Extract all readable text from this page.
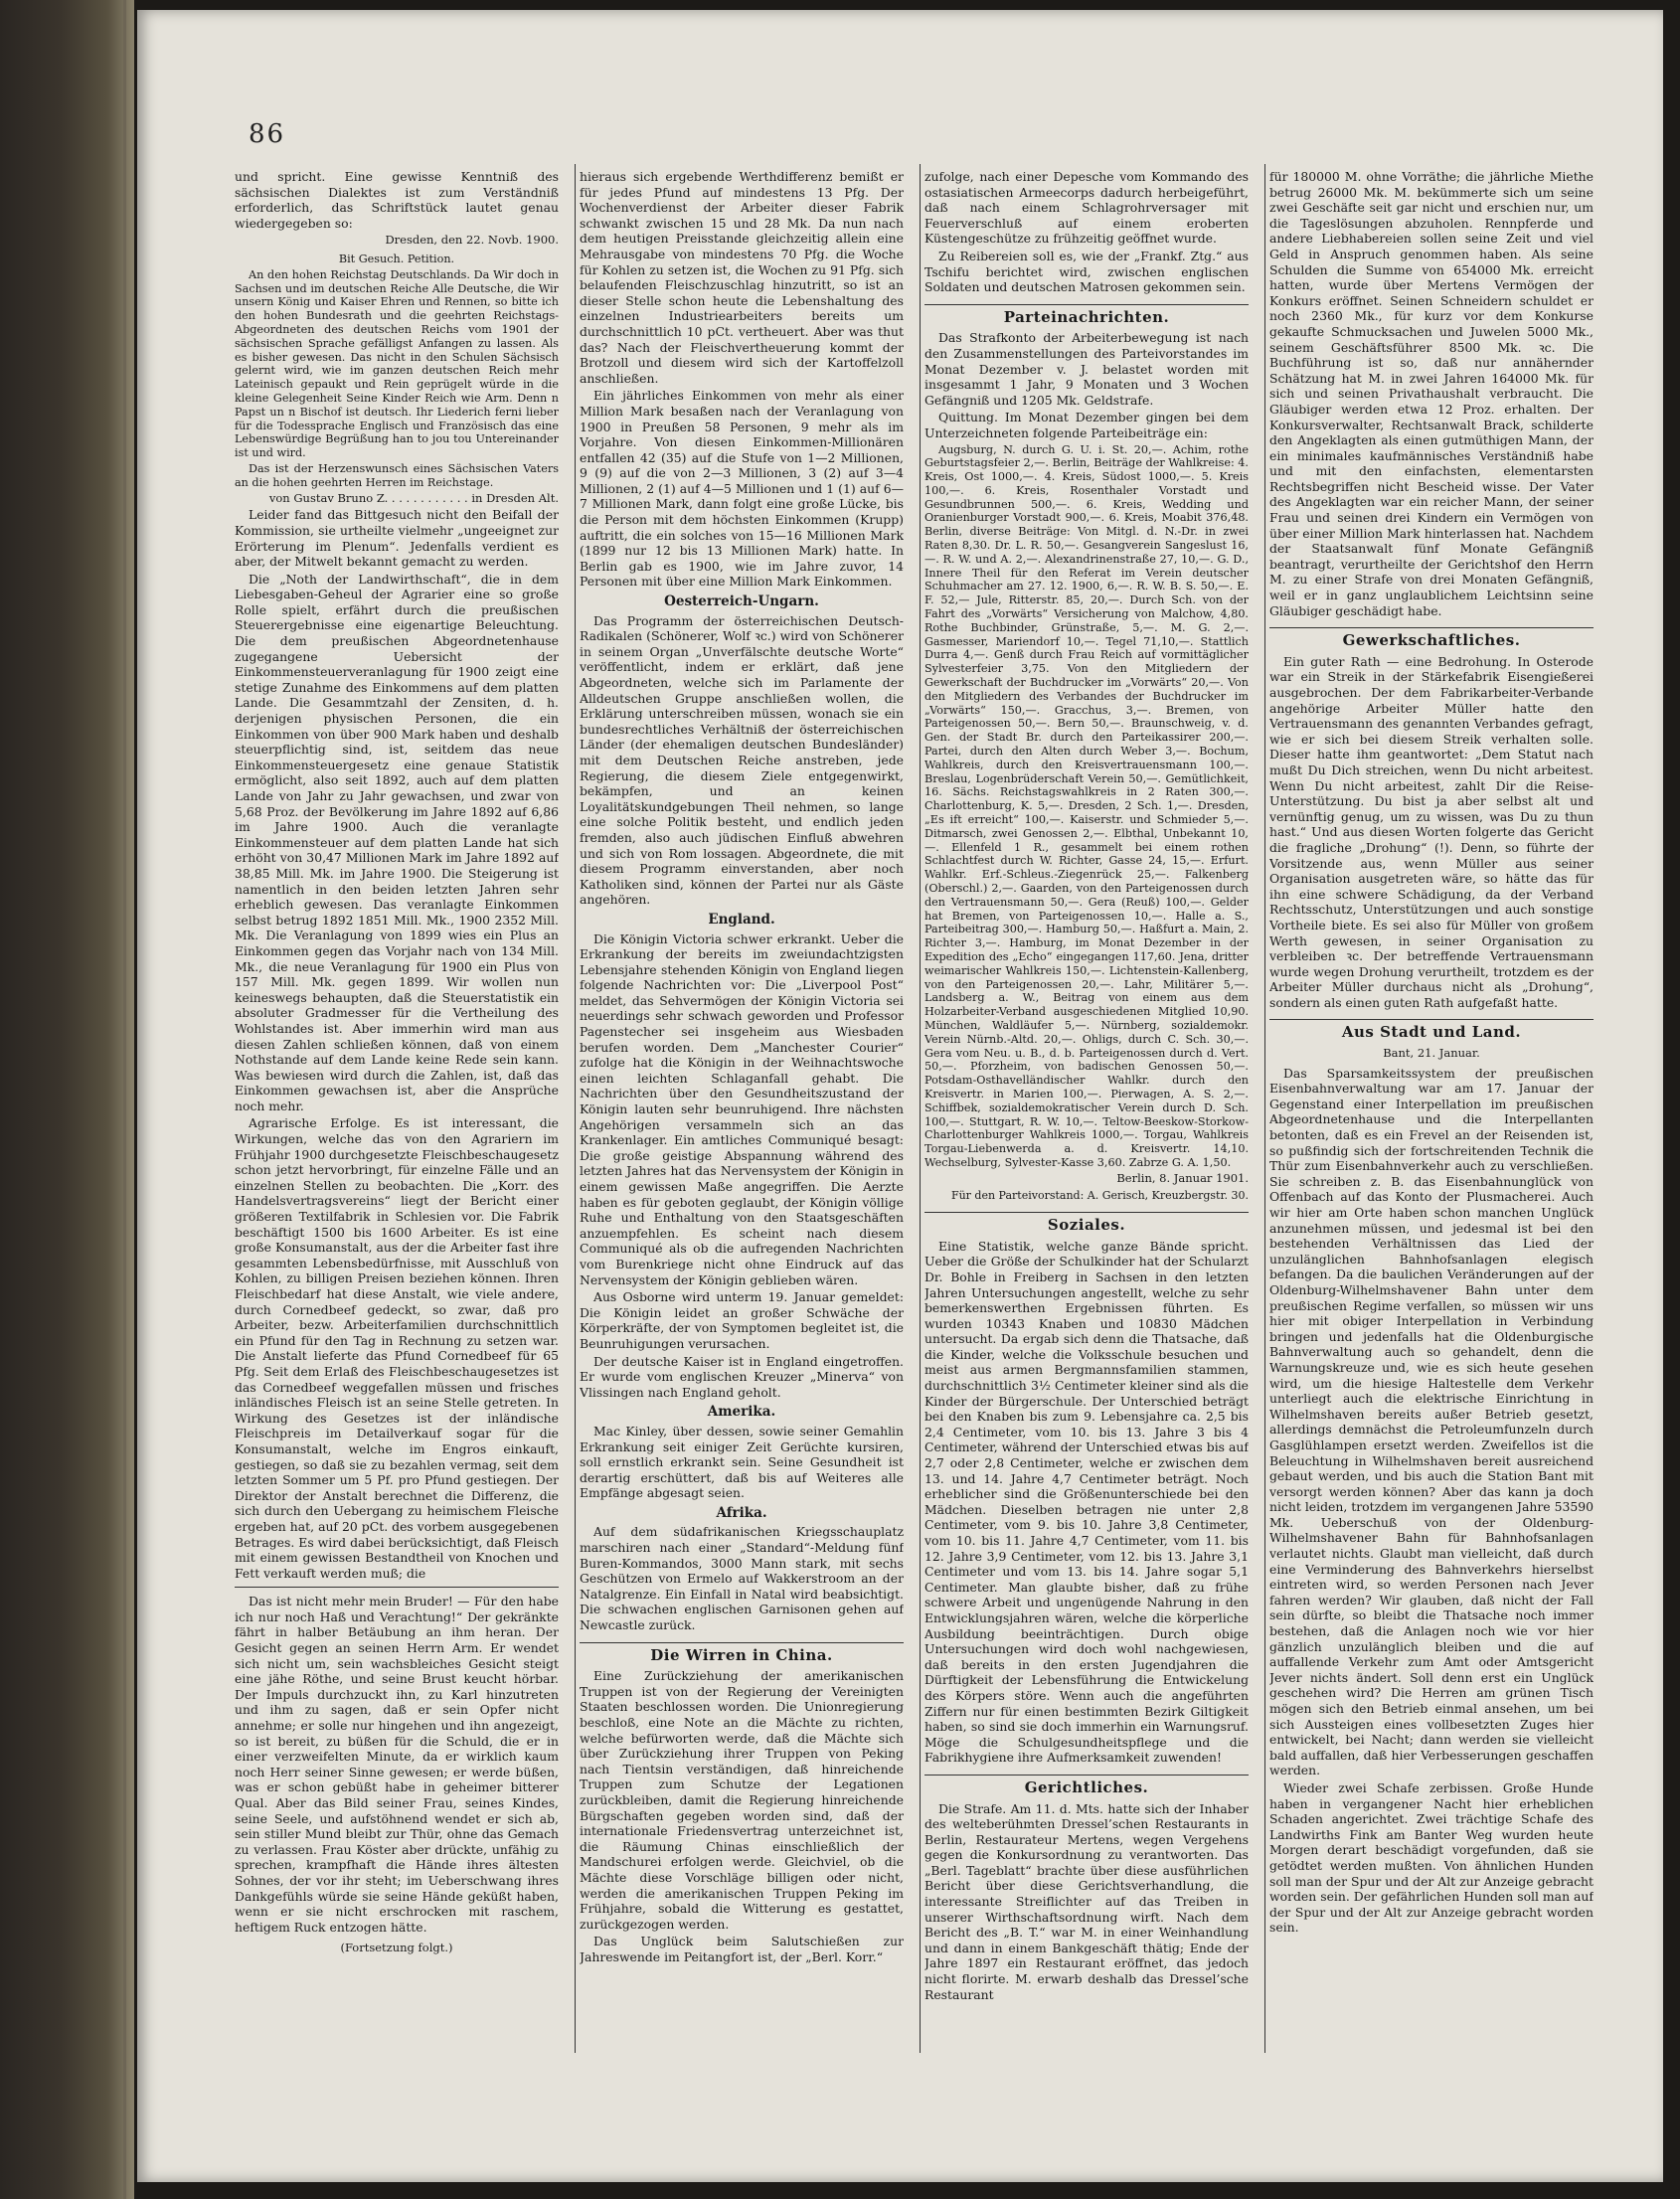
86

und spricht. Eine gewisse Kenntniß des sächsischen Dialektes ist zum Verständniß erforderlich, das Schriftstück lautet genau wiedergegeben so:

Dresden, den 22. Novb. 1900.

Bit Gesuch. Petition.

An den hohen Reichstag Deutschlands. Da Wir doch in Sachsen und im deutschen Reiche Alle Deutsche, die Wir unsern König und Kaiser Ehren und Rennen, so bitte ich den hohen Bundesrath und die geehrten Reichstags-Abgeordneten des deutschen Reichs vom 1901 der sächsischen Sprache gefälligst Anfangen zu lassen. Als es bisher gewesen. Das nicht in den Schulen Sächsisch gelernt wird, wie im ganzen deutschen Reich mehr Lateinisch gepaukt und Rein geprügelt würde in die kleine Gelegenheit Seine Kinder Reich wie Arm. Denn n Papst un n Bischof ist deutsch. Ihr Liederich ferni lieber für die Todessprache Englisch und Französisch das eine Lebenswürdige Begrüßung han to jou tou Untereinander ist und wird.

Das ist der Herzenswunsch eines Sächsischen Vaters an die hohen geehrten Herren im Reichstage.

von Gustav Bruno Z. . . . . . . . . . . . in Dresden Alt.

Leider fand das Bittgesuch nicht den Beifall der Kommission, sie urtheilte vielmehr „ungeeignet zur Erörterung im Plenum“. Jedenfalls verdient es aber, der Mitwelt bekannt gemacht zu werden.

Die „Noth der Landwirthschaft“, die in dem Liebesgaben-Geheul der Agrarier eine so große Rolle spielt, erfährt durch die preußischen Steuerergebnisse eine eigenartige Beleuchtung. Die dem preußischen Abgeordnetenhause zugegangene Uebersicht der Einkommensteuerveranlagung für 1900 zeigt eine stetige Zunahme des Einkommens auf dem platten Lande. Die Gesammtzahl der Zensiten, d. h. derjenigen physischen Personen, die ein Einkommen von über 900 Mark haben und deshalb steuerpflichtig sind, ist, seitdem das neue Einkommensteuergesetz eine genaue Statistik ermöglicht, also seit 1892, auch auf dem platten Lande von Jahr zu Jahr gewachsen, und zwar von 5,68 Proz. der Bevölkerung im Jahre 1892 auf 6,86 im Jahre 1900. Auch die veranlagte Einkommensteuer auf dem platten Lande hat sich erhöht von 30,47 Millionen Mark im Jahre 1892 auf 38,85 Mill. Mk. im Jahre 1900. Die Steigerung ist namentlich in den beiden letzten Jahren sehr erheblich gewesen. Das veranlagte Einkommen selbst betrug 1892 1851 Mill. Mk., 1900 2352 Mill. Mk. Die Veranlagung von 1899 wies ein Plus an Einkommen gegen das Vorjahr nach von 134 Mill. Mk., die neue Veranlagung für 1900 ein Plus von 157 Mill. Mk. gegen 1899. Wir wollen nun keineswegs behaupten, daß die Steuerstatistik ein absoluter Gradmesser für die Vertheilung des Wohlstandes ist. Aber immerhin wird man aus diesen Zahlen schließen können, daß von einem Nothstande auf dem Lande keine Rede sein kann. Was bewiesen wird durch die Zahlen, ist, daß das Einkommen gewachsen ist, aber die Ansprüche noch mehr.

Agrarische Erfolge. Es ist interessant, die Wirkungen, welche das von den Agrariern im Frühjahr 1900 durchgesetzte Fleischbeschaugesetz schon jetzt hervorbringt, für einzelne Fälle und an einzelnen Stellen zu beobachten. Die „Korr. des Handelsvertragsvereins“ liegt der Bericht einer größeren Textilfabrik in Schlesien vor. Die Fabrik beschäftigt 1500 bis 1600 Arbeiter. Es ist eine große Konsumanstalt, aus der die Arbeiter fast ihre gesammten Lebensbedürfnisse, mit Ausschluß von Kohlen, zu billigen Preisen beziehen können. Ihren Fleischbedarf hat diese Anstalt, wie viele andere, durch Cornedbeef gedeckt, so zwar, daß pro Arbeiter, bezw. Arbeiterfamilien durchschnittlich ein Pfund für den Tag in Rechnung zu setzen war. Die Anstalt lieferte das Pfund Cornedbeef für 65 Pfg. Seit dem Erlaß des Fleischbeschaugesetzes ist das Cornedbeef weggefallen müssen und frisches inländisches Fleisch ist an seine Stelle getreten. In Wirkung des Gesetzes ist der inländische Fleischpreis im Detailverkauf sogar für die Konsumanstalt, welche im Engros einkauft, gestiegen, so daß sie zu bezahlen vermag, seit dem letzten Sommer um 5 Pf. pro Pfund gestiegen. Der Direktor der Anstalt berechnet die Differenz, die sich durch den Uebergang zu heimischem Fleische ergeben hat, auf 20 pCt. des vorbem ausgegebenen Betrages. Es wird dabei berücksichtigt, daß Fleisch mit einem gewissen Bestandtheil von Knochen und Fett verkauft werden muß; die

Das ist nicht mehr mein Bruder! — Für den habe ich nur noch Haß und Verachtung!“ Der gekränkte fährt in halber Betäubung an ihm heran. Der Gesicht gegen an seinen Herrn Arm. Er wendet sich nicht um, sein wachsbleiches Gesicht steigt eine jähe Röthe, und seine Brust keucht hörbar. Der Impuls durchzuckt ihn, zu Karl hinzutreten und ihm zu sagen, daß er sein Opfer nicht annehme; er solle nur hingehen und ihn angezeigt, so ist bereit, zu büßen für die Schuld, die er in einer verzweifelten Minute, da er wirklich kaum noch Herr seiner Sinne gewesen; er werde büßen, was er schon gebüßt habe in geheimer bitterer Qual. Aber das Bild seiner Frau, seines Kindes, seine Seele, und aufstöhnend wendet er sich ab, sein stiller Mund bleibt zur Thür, ohne das Gemach zu verlassen. Frau Köster aber drückte, unfähig zu sprechen, krampfhaft die Hände ihres ältesten Sohnes, der vor ihr steht; im Ueberschwang ihres Dankgefühls würde sie seine Hände geküßt haben, wenn er sie nicht erschrocken mit raschem, heftigem Ruck entzogen hätte.

(Fortsetzung folgt.)

hieraus sich ergebende Werthdifferenz bemißt er für jedes Pfund auf mindestens 13 Pfg. Der Wochenverdienst der Arbeiter dieser Fabrik schwankt zwischen 15 und 28 Mk. Da nun nach dem heutigen Preisstande gleichzeitig allein eine Mehrausgabe von mindestens 70 Pfg. die Woche für Kohlen zu setzen ist, die Wochen zu 91 Pfg. sich belaufenden Fleischzuschlag hinzutritt, so ist an dieser Stelle schon heute die Lebenshaltung des einzelnen Industriearbeiters bereits um durchschnittlich 10 pCt. vertheuert. Aber was thut das? Nach der Fleischvertheuerung kommt der Brotzoll und diesem wird sich der Kartoffelzoll anschließen.

Ein jährliches Einkommen von mehr als einer Million Mark besaßen nach der Veranlagung von 1900 in Preußen 58 Personen, 9 mehr als im Vorjahre. Von diesen Einkommen-Millionären entfallen 42 (35) auf die Stufe von 1—2 Millionen, 9 (9) auf die von 2—3 Millionen, 3 (2) auf 3—4 Millionen, 2 (1) auf 4—5 Millionen und 1 (1) auf 6—7 Millionen Mark, dann folgt eine große Lücke, bis die Person mit dem höchsten Einkommen (Krupp) auftritt, die ein solches von 15—16 Millionen Mark (1899 nur 12 bis 13 Millionen Mark) hatte. In Berlin gab es 1900, wie im Jahre zuvor, 14 Personen mit über eine Million Mark Einkommen.

Oesterreich-Ungarn.

Das Programm der österreichischen Deutsch-Radikalen (Schönerer, Wolf ꝛc.) wird von Schönerer in seinem Organ „Unverfälschte deutsche Worte“ veröffentlicht, indem er erklärt, daß jene Abgeordneten, welche sich im Parlamente der Alldeutschen Gruppe anschließen wollen, die Erklärung unterschreiben müssen, wonach sie ein bundesrechtliches Verhältniß der österreichischen Länder (der ehemaligen deutschen Bundesländer) mit dem Deutschen Reiche anstreben, jede Regierung, die diesem Ziele entgegenwirkt, bekämpfen, und an keinen Loyalitätskundgebungen Theil nehmen, so lange eine solche Politik besteht, und endlich jeden fremden, also auch jüdischen Einfluß abwehren und sich von Rom lossagen. Abgeordnete, die mit diesem Programm einverstanden, aber noch Katholiken sind, können der Partei nur als Gäste angehören.

England.

Die Königin Victoria schwer erkrankt. Ueber die Erkrankung der bereits im zweiundachtzigsten Lebensjahre stehenden Königin von England liegen folgende Nachrichten vor: Die „Liverpool Post“ meldet, das Sehvermögen der Königin Victoria sei neuerdings sehr schwach geworden und Professor Pagenstecher sei insgeheim aus Wiesbaden berufen worden. Dem „Manchester Courier“ zufolge hat die Königin in der Weihnachtswoche einen leichten Schlaganfall gehabt. Die Nachrichten über den Gesundheitszustand der Königin lauten sehr beunruhigend. Ihre nächsten Angehörigen versammeln sich an das Krankenlager. Ein amtliches Communiqué besagt: Die große geistige Abspannung während des letzten Jahres hat das Nervensystem der Königin in einem gewissen Maße angegriffen. Die Aerzte haben es für geboten geglaubt, der Königin völlige Ruhe und Enthaltung von den Staatsgeschäften anzuempfehlen. Es scheint nach diesem Communiqué als ob die aufregenden Nachrichten vom Burenkriege nicht ohne Eindruck auf das Nervensystem der Königin geblieben wären.

Aus Osborne wird unterm 19. Januar gemeldet: Die Königin leidet an großer Schwäche der Körperkräfte, der von Symptomen begleitet ist, die Beunruhigungen verursachen.

Der deutsche Kaiser ist in England eingetroffen. Er wurde vom englischen Kreuzer „Minerva“ von Vlissingen nach England geholt.

Amerika.

Mac Kinley, über dessen, sowie seiner Gemahlin Erkrankung seit einiger Zeit Gerüchte kursiren, soll ernstlich erkrankt sein. Seine Gesundheit ist derartig erschüttert, daß bis auf Weiteres alle Empfänge abgesagt seien.

Afrika.

Auf dem südafrikanischen Kriegsschauplatz marschiren nach einer „Standard“-Meldung fünf Buren-Kommandos, 3000 Mann stark, mit sechs Geschützen von Ermelo auf Wakkerstroom an der Natalgrenze. Ein Einfall in Natal wird beabsichtigt. Die schwachen englischen Garnisonen gehen auf Newcastle zurück.

Die Wirren in China.

Eine Zurückziehung der amerikanischen Truppen ist von der Regierung der Vereinigten Staaten beschlossen worden. Die Unionregierung beschloß, eine Note an die Mächte zu richten, welche befürworten werde, daß die Mächte sich über Zurückziehung ihrer Truppen von Peking nach Tientsin verständigen, daß hinreichende Truppen zum Schutze der Legationen zurückbleiben, damit die Regierung hinreichende Bürgschaften gegeben worden sind, daß der internationale Friedensvertrag unterzeichnet ist, die Räumung Chinas einschließlich der Mandschurei erfolgen werde. Gleichviel, ob die Mächte diese Vorschläge billigen oder nicht, werden die amerikanischen Truppen Peking im Frühjahre, sobald die Witterung es gestattet, zurückgezogen werden.

Das Unglück beim Salutschießen zur Jahreswende im Peitangfort ist, der „Berl. Korr.“

zufolge, nach einer Depesche vom Kommando des ostasiatischen Armeecorps dadurch herbeigeführt, daß nach einem Schlagrohrversager mit Feuerverschluß auf einem eroberten Küstengeschütze zu frühzeitig geöffnet wurde.

Zu Reibereien soll es, wie der „Frankf. Ztg.“ aus Tschifu berichtet wird, zwischen englischen Soldaten und deutschen Matrosen gekommen sein.

Parteinachrichten.

Das Strafkonto der Arbeiterbewegung ist nach den Zusammenstellungen des Parteivorstandes im Monat Dezember v. J. belastet worden mit insgesammt 1 Jahr, 9 Monaten und 3 Wochen Gefängniß und 1205 Mk. Geldstrafe.

Quittung. Im Monat Dezember gingen bei dem Unterzeichneten folgende Parteibeiträge ein:

Augsburg, N. durch G. U. i. St. 20,—. Achim, rothe Geburtstagsfeier 2,—. Berlin, Beiträge der Wahlkreise: 4. Kreis, Ost 1000,—. 4. Kreis, Südost 1000,—. 5. Kreis 100,—. 6. Kreis, Rosenthaler Vorstadt und Gesundbrunnen 500,—. 6. Kreis, Wedding und Oranienburger Vorstadt 900,—. 6. Kreis, Moabit 376,48. Berlin, diverse Beiträge: Von Mitgl. d. N.-Dr. in zwei Raten 8,30. Dr. L. R. 50,—. Gesangverein Sangeslust 16,—. R. W. und A. 2,—. Alexandrinenstraße 27, 10,—. G. D., Innere Theil für den Referat im Verein deutscher Schuhmacher am 27. 12. 1900, 6,—. R. W. B. S. 50,—. E. F. 52,— Jule, Ritterstr. 85, 20,—. Durch Sch. von der Fahrt des „Vorwärts“ Versicherung von Malchow, 4,80. Rothe Buchbinder, Grünstraße, 5,—. M. G. 2,—. Gasmesser, Mariendorf 10,—. Tegel 71,10,—. Stattlich Durra 4,—. Genß durch Frau Reich auf vormittäglicher Sylvesterfeier 3,75. Von den Mitgliedern der Gewerkschaft der Buchdrucker im „Vorwärts“ 20,—. Von den Mitgliedern des Verbandes der Buchdrucker im „Vorwärts“ 150,—. Gracchus, 3,—. Bremen, von Parteigenossen 50,—. Bern 50,—. Braunschweig, v. d. Gen. der Stadt Br. durch den Parteikassirer 200,—. Partei, durch den Alten durch Weber 3,—. Bochum, Wahlkreis, durch den Kreisvertrauensmann 100,—. Breslau, Logenbrüderschaft Verein 50,—. Gemütlichkeit, 16. Sächs. Reichstagswahlkreis in 2 Raten 300,—. Charlottenburg, K. 5,—. Dresden, 2 Sch. 1,—. Dresden, „Es ift erreicht“ 100,—. Kaiserstr. und Schmieder 5,—. Ditmarsch, zwei Genossen 2,—. Elbthal, Unbekannt 10,—. Ellenfeld 1 R., gesammelt bei einem rothen Schlachtfest durch W. Richter, Gasse 24, 15,—. Erfurt. Wahlkr. Erf.-Schleus.-Ziegenrück 25,—. Falkenberg (Oberschl.) 2,—. Gaarden, von den Parteigenossen durch den Vertrauensmann 50,—. Gera (Reuß) 100,—. Gelder hat Bremen, von Parteigenossen 10,—. Halle a. S., Parteibeitrag 300,—. Hamburg 50,—. Haßfurt a. Main, 2. Richter 3,—. Hamburg, im Monat Dezember in der Expedition des „Echo“ eingegangen 117,60. Jena, dritter weimarischer Wahlkreis 150,—. Lichtenstein-Kallenberg, von den Parteigenossen 20,—. Lahr, Militärer 5,—. Landsberg a. W., Beitrag von einem aus dem Holzarbeiter-Verband ausgeschiedenen Mitglied 10,90. München, Waldläufer 5,—. Nürnberg, sozialdemokr. Verein Nürnb.-Altd. 20,—. Ohligs, durch C. Sch. 30,—. Gera vom Neu. u. B., d. b. Parteigenossen durch d. Vert. 50,—. Pforzheim, von badischen Genossen 50,—. Potsdam-Osthavelländischer Wahlkr. durch den Kreisvertr. in Marien 100,—. Pierwagen, A. S. 2,—. Schiffbek, sozialdemokratischer Verein durch D. Sch. 100,—. Stuttgart, R. W. 10,—. Teltow-Beeskow-Storkow-Charlottenburger Wahlkreis 1000,—. Torgau, Wahlkreis Torgau-Liebenwerda a. d. Kreisvertr. 14,10. Wechselburg, Sylvester-Kasse 3,60. Zabrze G. A. 1,50.

Berlin, 8. Januar 1901.

Für den Parteivorstand: A. Gerisch, Kreuzbergstr. 30.

Soziales.

Eine Statistik, welche ganze Bände spricht. Ueber die Größe der Schulkinder hat der Schularzt Dr. Bohle in Freiberg in Sachsen in den letzten Jahren Untersuchungen angestellt, welche zu sehr bemerkenswerthen Ergebnissen führten. Es wurden 10343 Knaben und 10830 Mädchen untersucht. Da ergab sich denn die Thatsache, daß die Kinder, welche die Volksschule besuchen und meist aus armen Bergmannsfamilien stammen, durchschnittlich 3½ Centimeter kleiner sind als die Kinder der Bürgerschule. Der Unterschied beträgt bei den Knaben bis zum 9. Lebensjahre ca. 2,5 bis 2,4 Centimeter, vom 10. bis 13. Jahre 3 bis 4 Centimeter, während der Unterschied etwas bis auf 2,7 oder 2,8 Centimeter, welche er zwischen dem 13. und 14. Jahre 4,7 Centimeter beträgt. Noch erheblicher sind die Größenunterschiede bei den Mädchen. Dieselben betragen nie unter 2,8 Centimeter, vom 9. bis 10. Jahre 3,8 Centimeter, vom 10. bis 11. Jahre 4,7 Centimeter, vom 11. bis 12. Jahre 3,9 Centimeter, vom 12. bis 13. Jahre 3,1 Centimeter und vom 13. bis 14. Jahre sogar 5,1 Centimeter. Man glaubte bisher, daß zu frühe schwere Arbeit und ungenügende Nahrung in den Entwicklungsjahren wären, welche die körperliche Ausbildung beeinträchtigen. Durch obige Untersuchungen wird doch wohl nachgewiesen, daß bereits in den ersten Jugendjahren die Dürftigkeit der Lebensführung die Entwickelung des Körpers störe. Wenn auch die angeführten Ziffern nur für einen bestimmten Bezirk Giltigkeit haben, so sind sie doch immerhin ein Warnungsruf. Möge die Schulgesundheitspflege und die Fabrikhygiene ihre Aufmerksamkeit zuwenden!

Gerichtliches.

Die Strafe. Am 11. d. Mts. hatte sich der Inhaber des welteberühmten Dressel’schen Restaurants in Berlin, Restaurateur Mertens, wegen Vergehens gegen die Konkursordnung zu verantworten. Das „Berl. Tageblatt“ brachte über diese ausführlichen Bericht über diese Gerichtsverhandlung, die interessante Streiflichter auf das Treiben in unserer Wirthschaftsordnung wirft. Nach dem Bericht des „B. T.“ war M. in einer Weinhandlung und dann in einem Bankgeschäft thätig; Ende der Jahre 1897 ein Restaurant eröffnet, das jedoch nicht florirte. M. erwarb deshalb das Dressel’sche Restaurant

für 180000 M. ohne Vorräthe; die jährliche Miethe betrug 26000 Mk. M. bekümmerte sich um seine zwei Geschäfte seit gar nicht und erschien nur, um die Tageslösungen abzuholen. Rennpferde und andere Liebhabereien sollen seine Zeit und viel Geld in Anspruch genommen haben. Als seine Schulden die Summe von 654000 Mk. erreicht hatten, wurde über Mertens Vermögen der Konkurs eröffnet. Seinen Schneidern schuldet er noch 2360 Mk., für kurz vor dem Konkurse gekaufte Schmucksachen und Juwelen 5000 Mk., seinem Geschäftsführer 8500 Mk. ꝛc. Die Buchführung ist so, daß nur annähernder Schätzung hat M. in zwei Jahren 164000 Mk. für sich und seinen Privathaushalt verbraucht. Die Gläubiger werden etwa 12 Proz. erhalten. Der Konkursverwalter, Rechtsanwalt Brack, schilderte den Angeklagten als einen gutmüthigen Mann, der ein minimales kaufmännisches Verständniß habe und mit den einfachsten, elementarsten Rechtsbegriffen nicht Bescheid wisse. Der Vater des Angeklagten war ein reicher Mann, der seiner Frau und seinen drei Kindern ein Vermögen von über einer Million Mark hinterlassen hat. Nachdem der Staatsanwalt fünf Monate Gefängniß beantragt, verurtheilte der Gerichtshof den Herrn M. zu einer Strafe von drei Monaten Gefängniß, weil er in ganz unglaublichem Leichtsinn seine Gläubiger geschädigt habe.

Gewerkschaftliches.

Ein guter Rath — eine Bedrohung. In Osterode war ein Streik in der Stärkefabrik Eisengießerei ausgebrochen. Der dem Fabrikarbeiter-Verbande angehörige Arbeiter Müller hatte den Vertrauensmann des genannten Verbandes gefragt, wie er sich bei diesem Streik verhalten solle. Dieser hatte ihm geantwortet: „Dem Statut nach mußt Du Dich streichen, wenn Du nicht arbeitest. Wenn Du nicht arbeitest, zahlt Dir die Reise-Unterstützung. Du bist ja aber selbst alt und vernünftig genug, um zu wissen, was Du zu thun hast.“ Und aus diesen Worten folgerte das Gericht die fragliche „Drohung“ (!). Denn, so führte der Vorsitzende aus, wenn Müller aus seiner Organisation ausgetreten wäre, so hätte das für ihn eine schwere Schädigung, da der Verband Rechtsschutz, Unterstützungen und auch sonstige Vortheile biete. Es sei also für Müller von großem Werth gewesen, in seiner Organisation zu verbleiben ꝛc. Der betreffende Vertrauensmann wurde wegen Drohung verurtheilt, trotzdem es der Arbeiter Müller durchaus nicht als „Drohung“, sondern als einen guten Rath aufgefaßt hatte.

Aus Stadt und Land.

Bant, 21. Januar.

Das Sparsamkeitssystem der preußischen Eisenbahnverwaltung war am 17. Januar der Gegenstand einer Interpellation im preußischen Abgeordnetenhause und die Interpellanten betonten, daß es ein Frevel an der Reisenden ist, so pußfindig sich der fortschreitenden Technik die Thür zum Eisenbahnverkehr auch zu verschließen. Sie schreiben z. B. das Eisenbahnunglück von Offenbach auf das Konto der Plusmacherei. Auch wir hier am Orte haben schon manchen Unglück anzunehmen müssen, und jedesmal ist bei den bestehenden Verhältnissen das Lied der unzulänglichen Bahnhofsanlagen elegisch befangen. Da die baulichen Veränderungen auf der Oldenburg-Wilhelmshavener Bahn unter dem preußischen Regime verfallen, so müssen wir uns hier mit obiger Interpellation in Verbindung bringen und jedenfalls hat die Oldenburgische Bahnverwaltung auch so gehandelt, denn die Warnungskreuze und, wie es sich heute gesehen wird, um die hiesige Haltestelle dem Verkehr unterliegt auch die elektrische Einrichtung in Wilhelmshaven bereits außer Betrieb gesetzt, allerdings demnächst die Petroleumfunzeln durch Gasglühlampen ersetzt werden. Zweifellos ist die Beleuchtung in Wilhelmshaven bereit ausreichend gebaut werden, und bis auch die Station Bant mit versorgt werden können? Aber das kann ja doch nicht leiden, trotzdem im vergangenen Jahre 53590 Mk. Ueberschuß von der Oldenburg-Wilhelmshavener Bahn für Bahnhofsanlagen verlautet nichts. Glaubt man vielleicht, daß durch eine Verminderung des Bahnverkehrs hierselbst eintreten wird, so werden Personen nach Jever fahren werden? Wir glauben, daß nicht der Fall sein dürfte, so bleibt die Thatsache noch immer bestehen, daß die Anlagen noch wie vor hier gänzlich unzulänglich bleiben und die auf auffallende Verkehr zum Amt oder Amtsgericht Jever nichts ändert. Soll denn erst ein Unglück geschehen wird? Die Herren am grünen Tisch mögen sich den Betrieb einmal ansehen, um bei sich Aussteigen eines vollbesetzten Zuges hier entwickelt, bei Nacht; dann werden sie vielleicht bald auffallen, daß hier Verbesserungen geschaffen werden.

Wieder zwei Schafe zerbissen. Große Hunde haben in vergangener Nacht hier erheblichen Schaden angerichtet. Zwei trächtige Schafe des Landwirths Fink am Banter Weg wurden heute Morgen derart beschädigt vorgefunden, daß sie getödtet werden mußten. Von ähnlichen Hunden soll man der Spur und der Alt zur Anzeige gebracht worden sein. Der gefährlichen Hunden soll man auf der Spur und der Alt zur Anzeige gebracht worden sein.
